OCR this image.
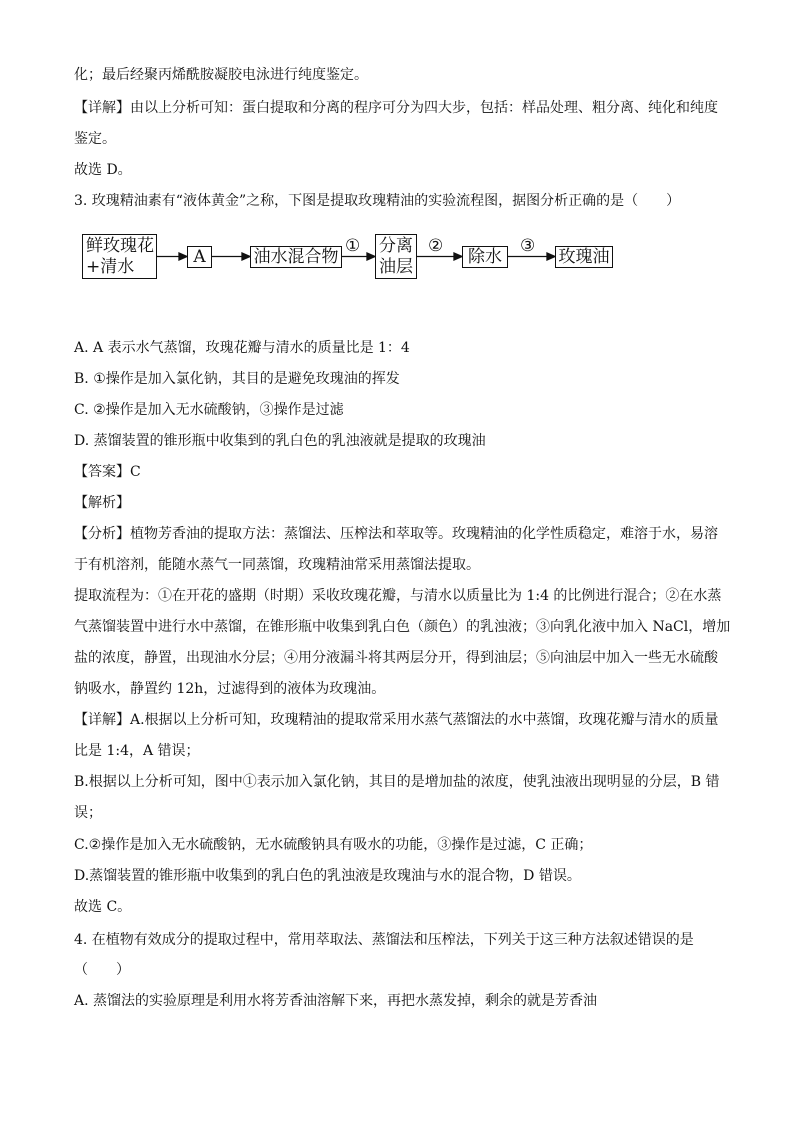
化；最后经聚丙烯酰胺凝胶电泳进行纯度鉴定。
【详解】由以上分析可知：蛋白提取和分离的程序可分为四大步，包括：样品处理、粗分离、纯化和纯度
鉴定。
故选 D。
3. 玫瑰精油素有“液体黄金”之称，下图是提取玫瑰精油的实验流程图，据图分析正确的是（　　）
鲜玫瑰花
+清水	A	油水混合物
分离
油层	除水	玫瑰油
①	②	③
A. A 表示水气蒸馏，玫瑰花瓣与清水的质量比是 1：4
B. ①操作是加入氯化钠，其目的是避免玫瑰油的挥发
C. ②操作是加入无水硫酸钠，③操作是过滤
D. 蒸馏装置的锥形瓶中收集到的乳白色的乳浊液就是提取的玫瑰油
【答案】C
【解析】
【分析】植物芳香油的提取方法：蒸馏法、压榨法和萃取等。玫瑰精油的化学性质稳定，难溶于水，易溶
于有机溶剂，能随水蒸气一同蒸馏，玫瑰精油常采用蒸馏法提取。
提取流程为：①在开花的盛期（时期）采收玫瑰花瓣，与清水以质量比为 1:4 的比例进行混合；②在水蒸
气蒸馏装置中进行水中蒸馏，在锥形瓶中收集到乳白色（颜色）的乳浊液；③向乳化液中加入 NaCl，增加
盐的浓度，静置，出现油水分层；④用分液漏斗将其两层分开，得到油层；⑤向油层中加入一些无水硫酸
钠吸水，静置约 12h，过滤得到的液体为玫瑰油。
【详解】A.根据以上分析可知，玫瑰精油的提取常采用水蒸气蒸馏法的水中蒸馏，玫瑰花瓣与清水的质量
比是 1:4，A 错误；
B.根据以上分析可知，图中①表示加入氯化钠，其目的是增加盐的浓度，使乳浊液出现明显的分层，B 错
误；
C.②操作是加入无水硫酸钠，无水硫酸钠具有吸水的功能，③操作是过滤，C 正确；
D.蒸馏装置的锥形瓶中收集到的乳白色的乳浊液是玫瑰油与水的混合物，D 错误。
故选 C。
4. 在植物有效成分的提取过程中，常用萃取法、蒸馏法和压榨法，下列关于这三种方法叙述错误的是
（　　）
A. 蒸馏法的实验原理是利用水将芳香油溶解下来，再把水蒸发掉，剩余的就是芳香油
